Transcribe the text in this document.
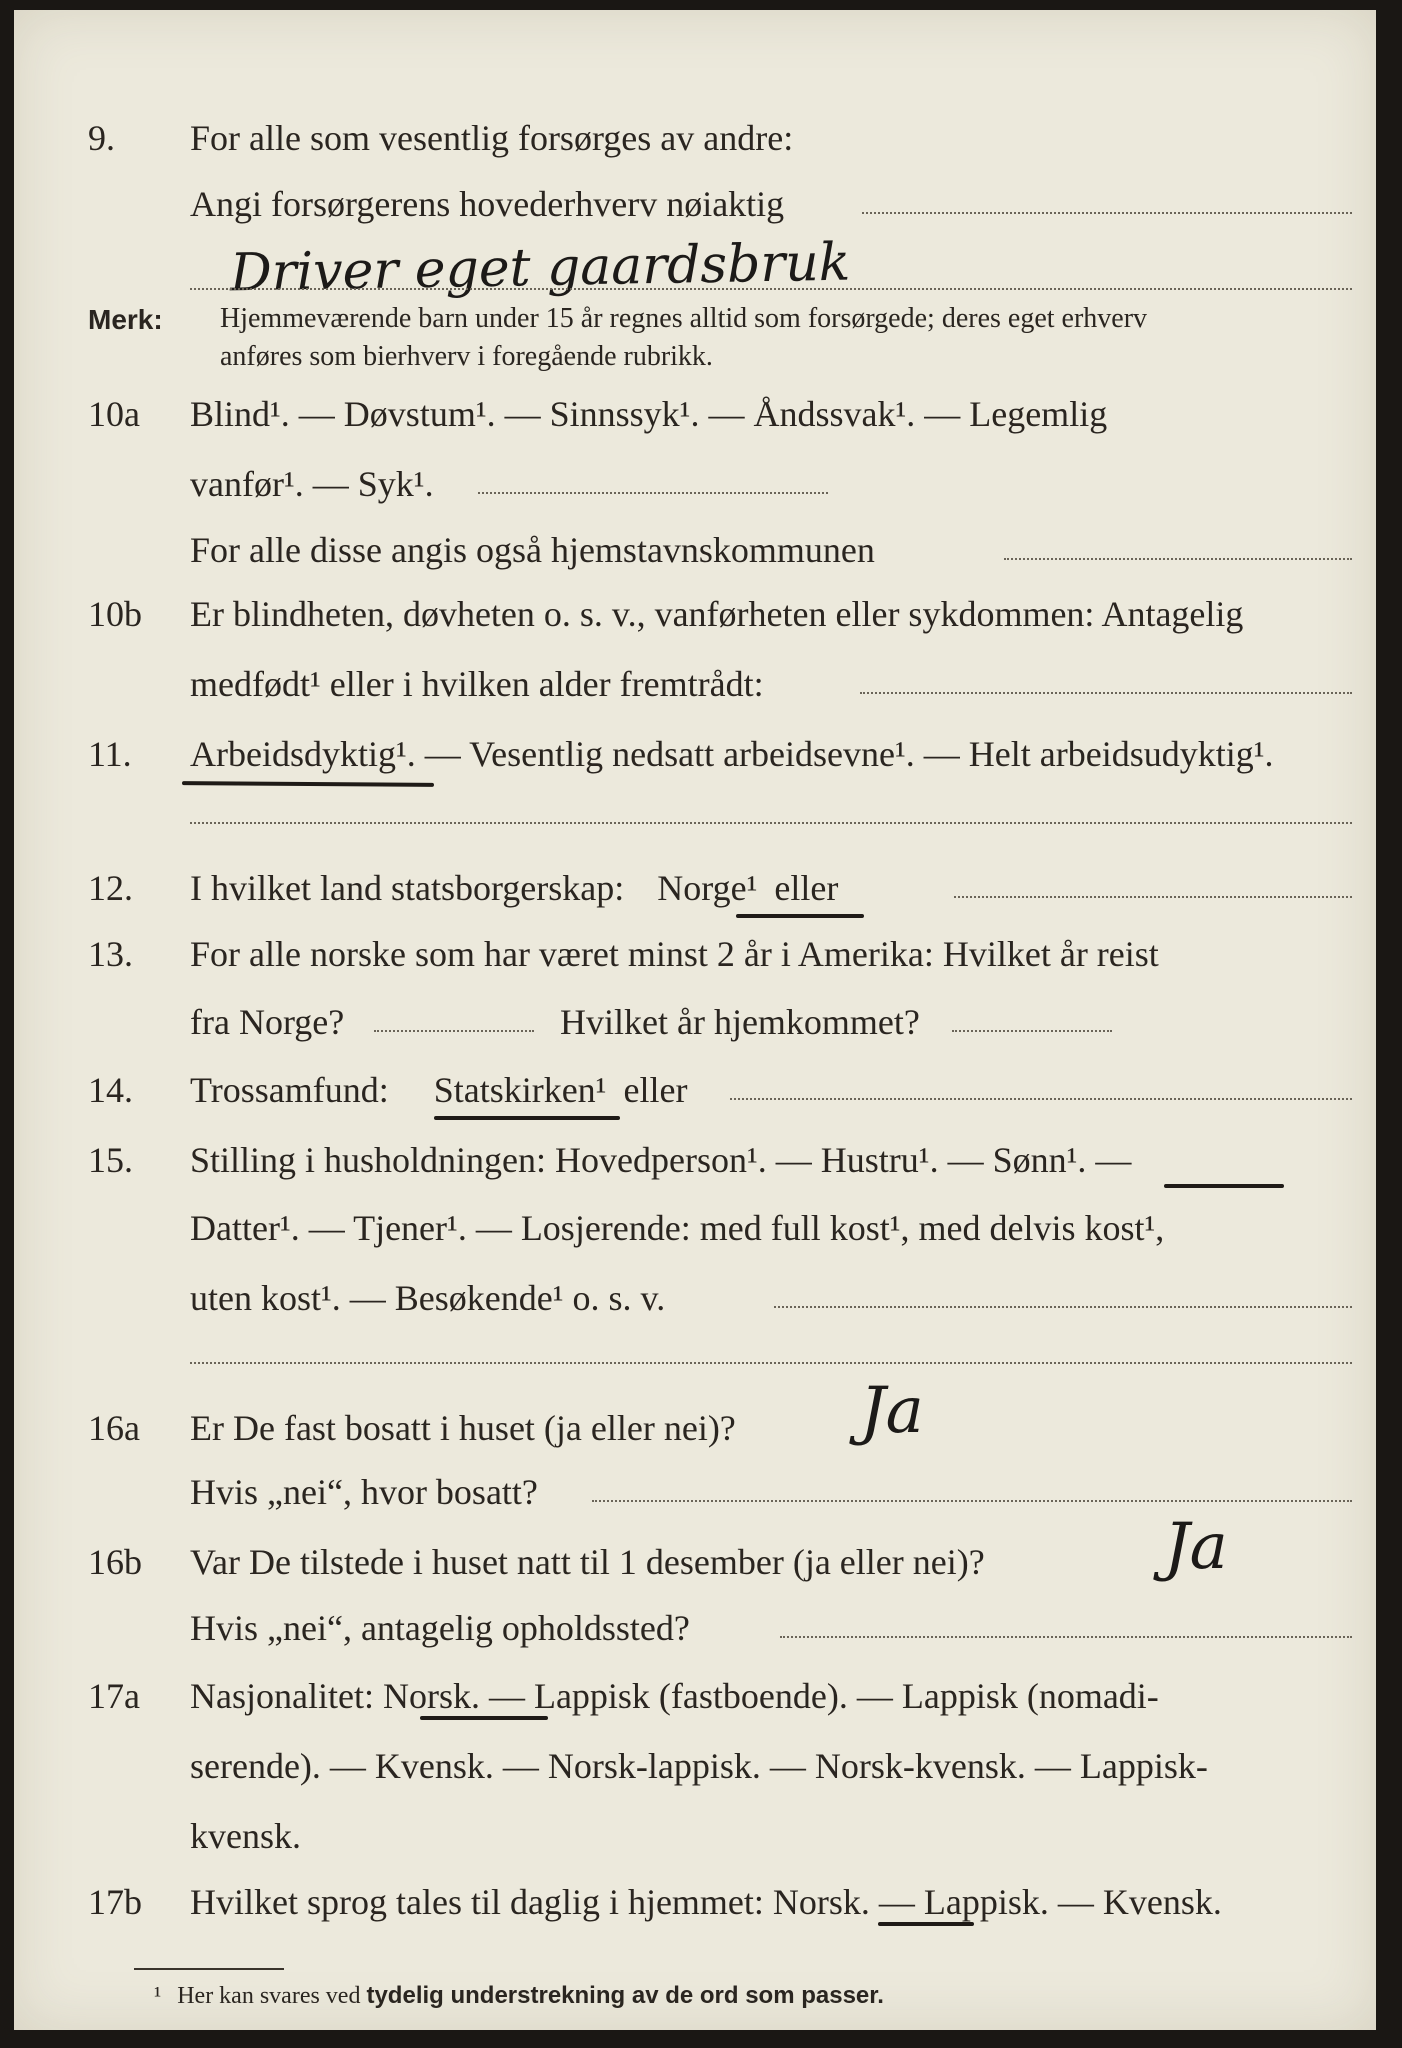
9. For alle som vesentlig forsørges av andre:
Angi forsørgerens hovederhverv nøiaktig
Driver eget gaardsbruk
Merk: Hjemmeværende barn under 15 år regnes alltid som forsørgede; deres eget erhverv
anføres som bierhverv i foregående rubrikk.
10a Blind¹. — Døvstum¹. — Sinnssyk¹. — Åndssvak¹. — Legemlig
vanfør¹. — Syk¹.
For alle disse angis også hjemstavnskommunen
10b Er blindheten, døvheten o. s. v., vanførheten eller sykdommen: Antagelig
medfødt¹ eller i hvilken alder fremtrådt:
11. Arbeidsdyktig¹. — Vesentlig nedsatt arbeidsevne¹. — Helt arbeidsudyktig¹.
12. I hvilket land statsborgerskap: Norge¹ eller
13. For alle norske som har været minst 2 år i Amerika: Hvilket år reist
fra Norge?	Hvilket år hjemkommet?
14. Trossamfund: Statskirken¹ eller
15. Stilling i husholdningen: Hovedperson¹. — Hustru¹. — Sønn¹. —
Datter¹. — Tjener¹. — Losjerende: med full kost¹, med delvis kost¹,
uten kost¹. — Besøkende¹ o. s. v.
16a Er De fast bosatt i huset (ja eller nei)? Ja
Hvis „nei“, hvor bosatt?
16b Var De tilstede i huset natt til 1 desember (ja eller nei)?	Ja
Hvis „nei“, antagelig opholdssted?
17a Nasjonalitet: Norsk. — Lappisk (fastboende). — Lappisk (nomadi-
serende). — Kvensk. — Norsk-lappisk. — Norsk-kvensk. — Lappisk-
kvensk.
17b Hvilket sprog tales til daglig i hjemmet: Norsk. — Lappisk. — Kvensk.
¹ Her kan svares ved tydelig understrekning av de ord som passer.
